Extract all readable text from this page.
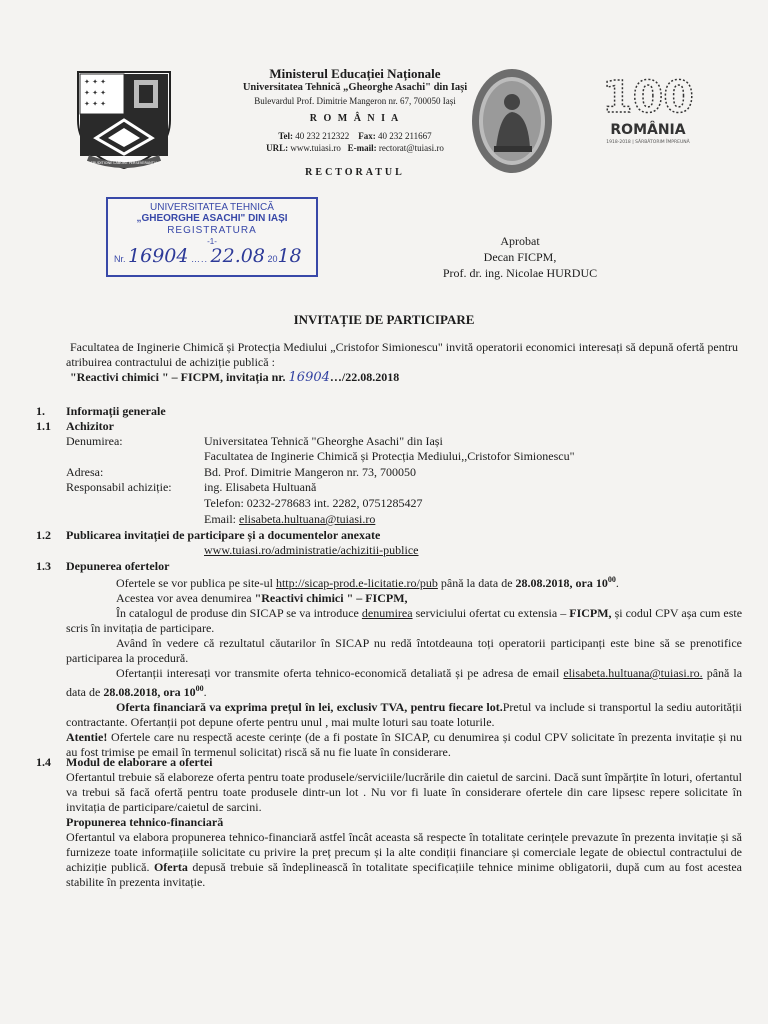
✦ ✦ ✦
✦ ✦ ✦
✦ ✦ ✦
ERUDITIONE LABORE PERSEVERANTIA
Ministerul Educației Naționale
Universitatea Tehnică „Gheorghe Asachi" din Iași
Bulevardul Prof. Dimitrie Mangeron nr. 67, 700050 Iași
R O M Â N I A
Tel: 40 232 212322 Fax: 40 232 211667
URL: www.tuiasi.ro E-mail: rectorat@tuiasi.ro
RECTORATUL
100
ROMÂNIA
1918-2018 | SĂRBĂTORIM ÎMPREUNĂ
UNIVERSITATEA TEHNICĂ
„GHEORGHE ASACHI" DIN IAȘI
REGISTRATURA
-1-
Nr. 16904 ….. 22.08 2018
Aprobat
Decan FICPM,
Prof. dr. ing. Nicolae HURDUC
INVITAȚIE DE PARTICIPARE
Facultatea de Inginerie Chimică și Protecția Mediului „Cristofor Simionescu" invită operatorii economici interesați să depună ofertă pentru atribuirea contractului de achiziție publică :
"Reactivi chimici " – FICPM, invitația nr. 16904…/22.08.2018
1. Informații generale
1.1 Achizitor
Denumirea:	Universitatea Tehnică "Gheorghe Asachi" din Iași
Facultatea de Inginerie Chimică și Protecția Mediului,,Cristofor Simionescu"
Adresa:	Bd. Prof. Dimitrie Mangeron nr. 73, 700050
Responsabil achiziție:	ing. Elisabeta Hultuană
Telefon: 0232-278683 int. 2282, 0751285427
Email: elisabeta.hultuana@tuiasi.ro
1.2 Publicarea invitației de participare și a documentelor anexate
www.tuiasi.ro/administratie/achizitii-publice
1.3 Depunerea ofertelor
Ofertele se vor publica pe site-ul http://sicap-prod.e-licitatie.ro/pub până la data de 28.08.2018, ora $10^{00}$.
Acestea vor avea denumirea "Reactivi chimici " – FICPM,
În catalogul de produse din SICAP se va introduce denumirea serviciului ofertat cu extensia – FICPM, și codul CPV așa cum este scris în invitația de participare.
Având în vedere că rezultatul căutarilor în SICAP nu redă întotdeauna toți operatorii participanți este bine să se prenotifice participarea la procedură.
Ofertanții interesați vor transmite oferta tehnico-economică detaliată și pe adresa de email elisabeta.hultuana@tuiasi.ro. până la data de 28.08.2018, ora $10^{00}$.
Oferta financiară va exprima prețul în lei, exclusiv TVA, pentru fiecare lot.Pretul va include si transportul la sediu autorității contractante. Ofertanții pot depune oferte pentru unul , mai multe loturi sau toate loturile.
Atentie! Ofertele care nu respectă aceste cerințe (de a fi postate în SICAP, cu denumirea și codul CPV solicitate în prezenta invitație și nu au fost trimise pe email în termenul solicitat) riscă să nu fie luate în considerare.
1.4 Modul de elaborare a ofertei
Ofertantul trebuie să elaboreze oferta pentru toate produsele/serviciile/lucrările din caietul de sarcini. Dacă sunt împărțite în loturi, ofertantul va trebui să facă ofertă pentru toate produsele dintr-un lot . Nu vor fi luate în considerare ofertele din care lipsesc repere solicitate în invitația de participare/caietul de sarcini.
Propunerea tehnico-financiară
Ofertantul va elabora propunerea tehnico-financiară astfel încât aceasta să respecte în totalitate cerințele prevazute în prezenta invitație și să furnizeze toate informațiile solicitate cu privire la preț precum și la alte condiții financiare și comerciale legate de obiectul contractului de achiziție publică. Oferta depusă trebuie să îndeplinească în totalitate specificațiile tehnice minime obligatorii, după cum au fost acestea stabilite în prezenta invitație.
